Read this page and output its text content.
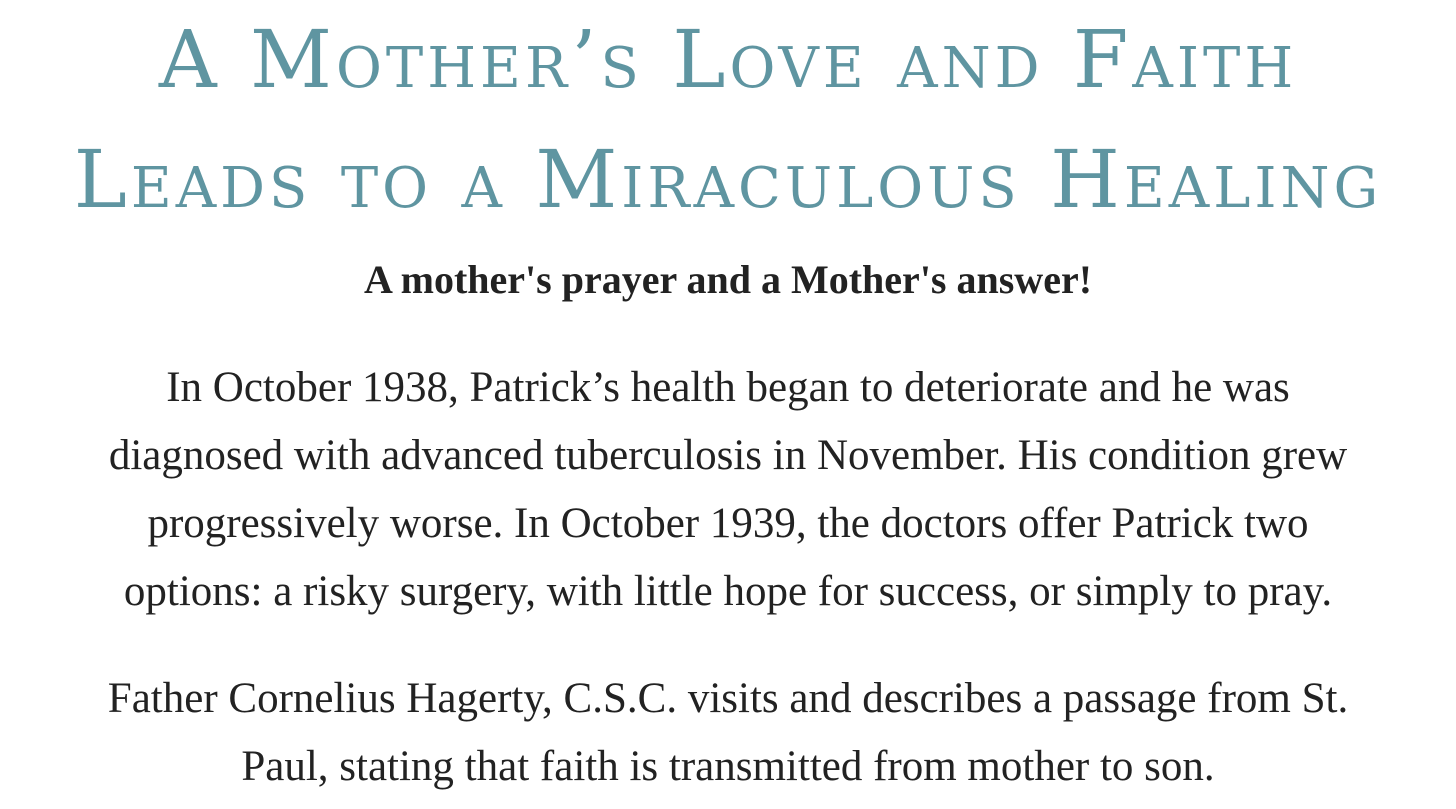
A Mother’s Love and Faith
Leads to a Miraculous Healing
A mother's prayer and a Mother's answer!

In October 1938, Patrick’s health began to deteriorate and he was
diagnosed with advanced tuberculosis in November. His condition grew
progressively worse. In October 1939, the doctors offer Patrick two
options: a risky surgery, with little hope for success, or simply to pray.

Father Cornelius Hagerty, C.S.C. visits and describes a passage from St.
Paul, stating that faith is transmitted from mother to son.
